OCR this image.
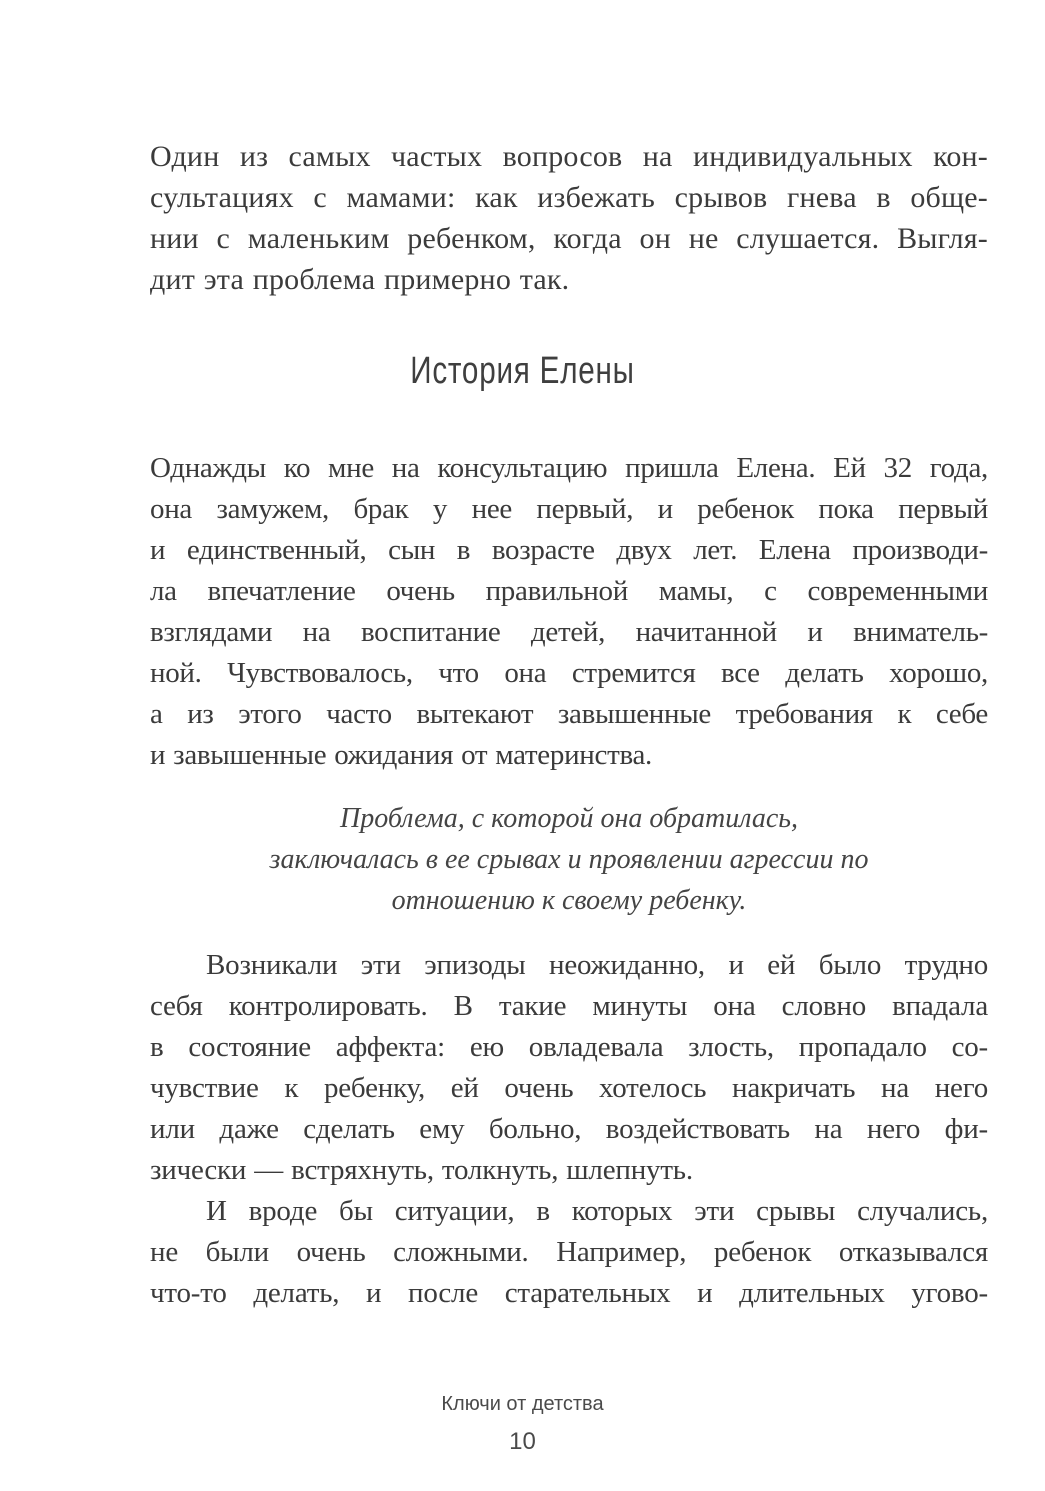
Один из самых частых вопросов на индивидуальных кон-
сультациях с мамами: как избежать срывов гнева в обще-
нии с маленьким ребенком, когда он не слушается. Выгля-
дит эта проблема примерно так.
История Елены
Однажды ко мне на консультацию пришла Елена. Ей 32 года,
она замужем, брак у нее первый, и ребенок пока первый
и единственный, сын в возрасте двух лет. Елена производи-
ла впечатление очень правильной мамы, с современными
взглядами на воспитание детей, начитанной и вниматель-
ной. Чувствовалось, что она стремится все делать хорошо,
а из этого часто вытекают завышенные требования к себе
и завышенные ожидания от материнства.
Проблема, с которой она обратилась,
заключалась в ее срывах и проявлении агрессии по
отношению к своему ребенку.
Возникали эти эпизоды неожиданно, и ей было трудно
себя контролировать. В такие минуты она словно впадала
в состояние аффекта: ею овладевала злость, пропадало со-
чувствие к ребенку, ей очень хотелось накричать на него
или даже сделать ему больно, воздействовать на него фи-
зически — встряхнуть, толкнуть, шлепнуть.
И вроде бы ситуации, в которых эти срывы случались,
не были очень сложными. Например, ребенок отказывался
что-то делать, и после старательных и длительных угово-
Ключи от детства
10
